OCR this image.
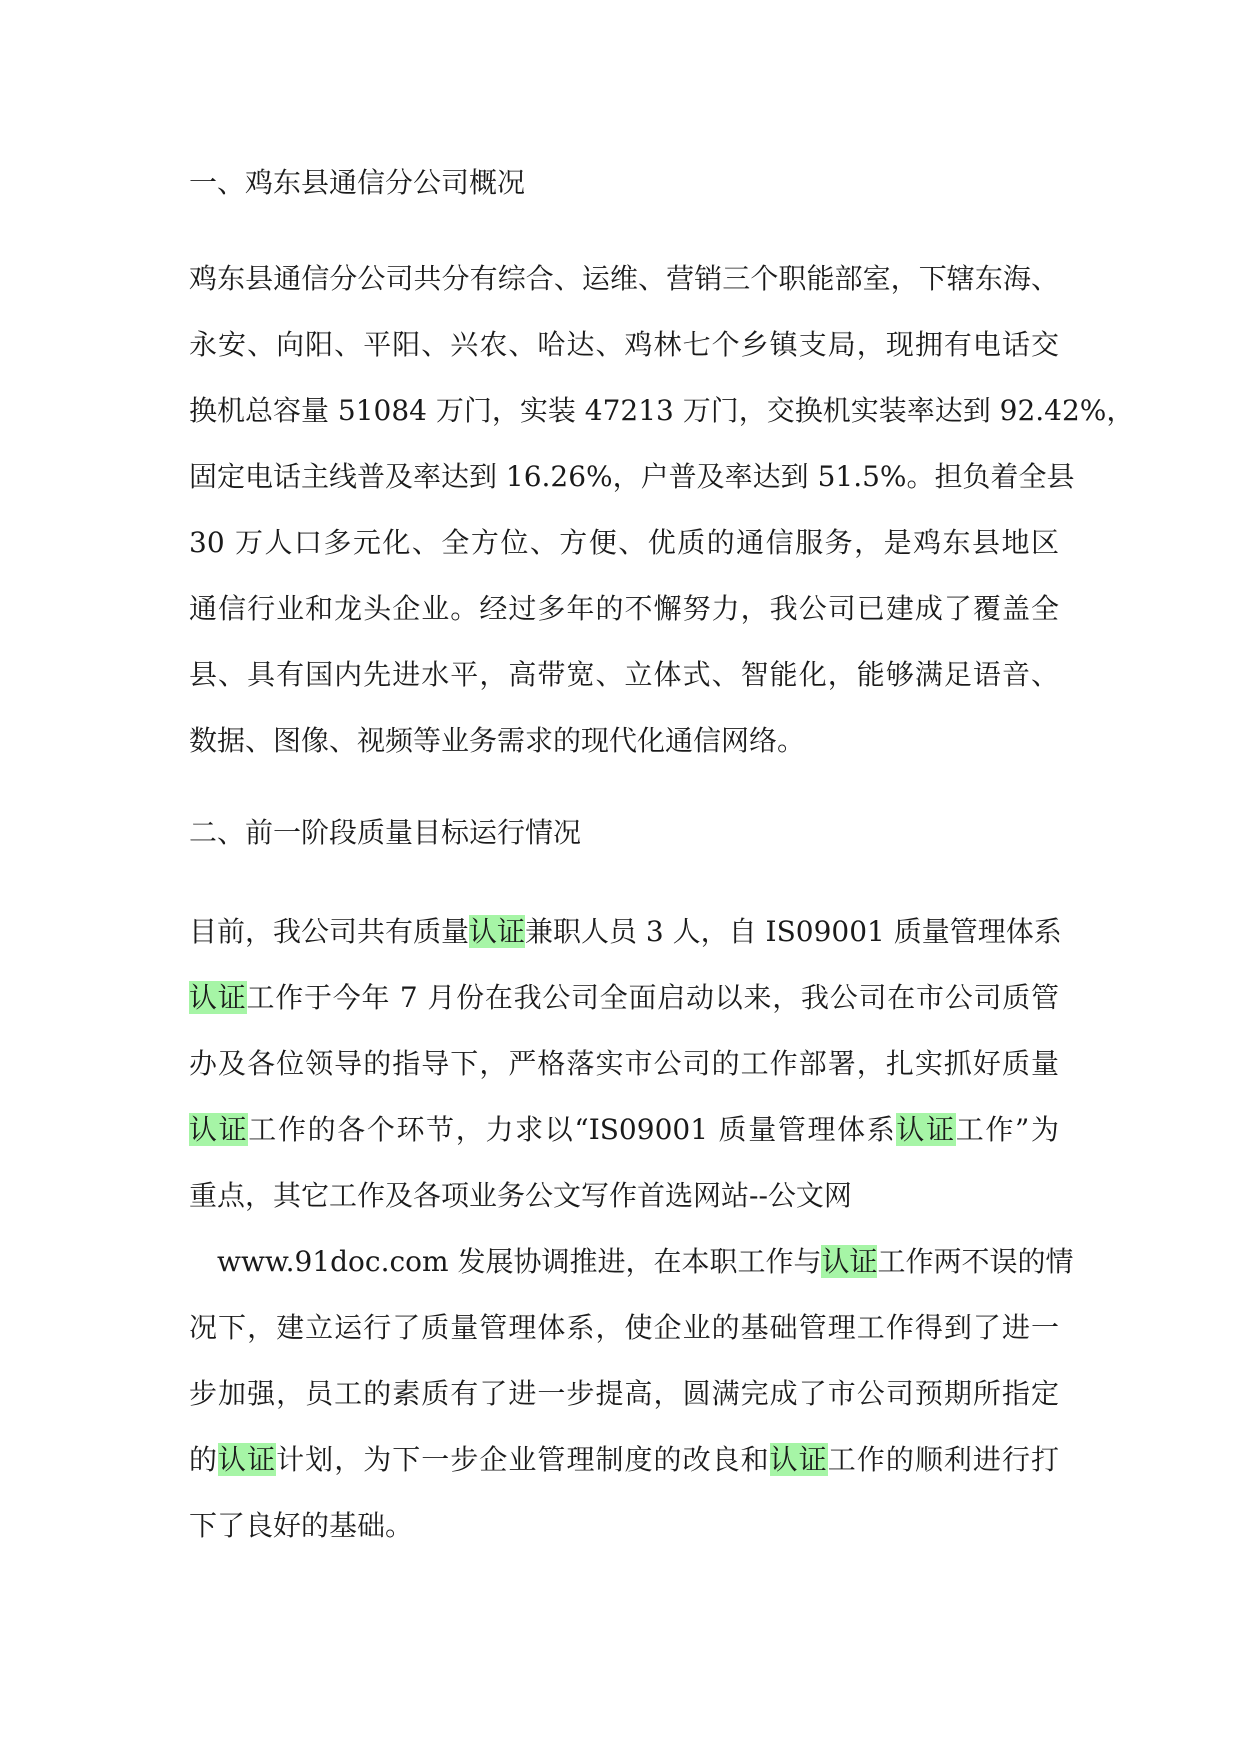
一、鸡东县通信分公司概况
鸡东县通信分公司共分有综合、运维、营销三个职能部室，下辖东海、
永安、向阳、平阳、兴农、哈达、鸡林七个乡镇支局，现拥有电话交
换机总容量 51084 万门，实装 47213 万门，交换机实装率达到 92.42%，
固定电话主线普及率达到 16.26%，户普及率达到 51.5%。担负着全县
30 万人口多元化、全方位、方便、优质的通信服务，是鸡东县地区
通信行业和龙头企业。经过多年的不懈努力，我公司已建成了覆盖全
县、具有国内先进水平，高带宽、立体式、智能化，能够满足语音、
数据、图像、视频等业务需求的现代化通信网络。
二、前一阶段质量目标运行情况
目前，我公司共有质量认证兼职人员 3 人，自 IS09001 质量管理体系
认证工作于今年 7 月份在我公司全面启动以来，我公司在市公司质管
办及各位领导的指导下，严格落实市公司的工作部署，扎实抓好质量
认证工作的各个环节，力求以“IS09001 质量管理体系认证工作”为
重点，其它工作及各项业务公文写作首选网站--公文网
www.91doc.com 发展协调推进，在本职工作与认证工作两不误的情
况下，建立运行了质量管理体系，使企业的基础管理工作得到了进一
步加强，员工的素质有了进一步提高，圆满完成了市公司预期所指定
的认证计划，为下一步企业管理制度的改良和认证工作的顺利进行打
下了良好的基础。
